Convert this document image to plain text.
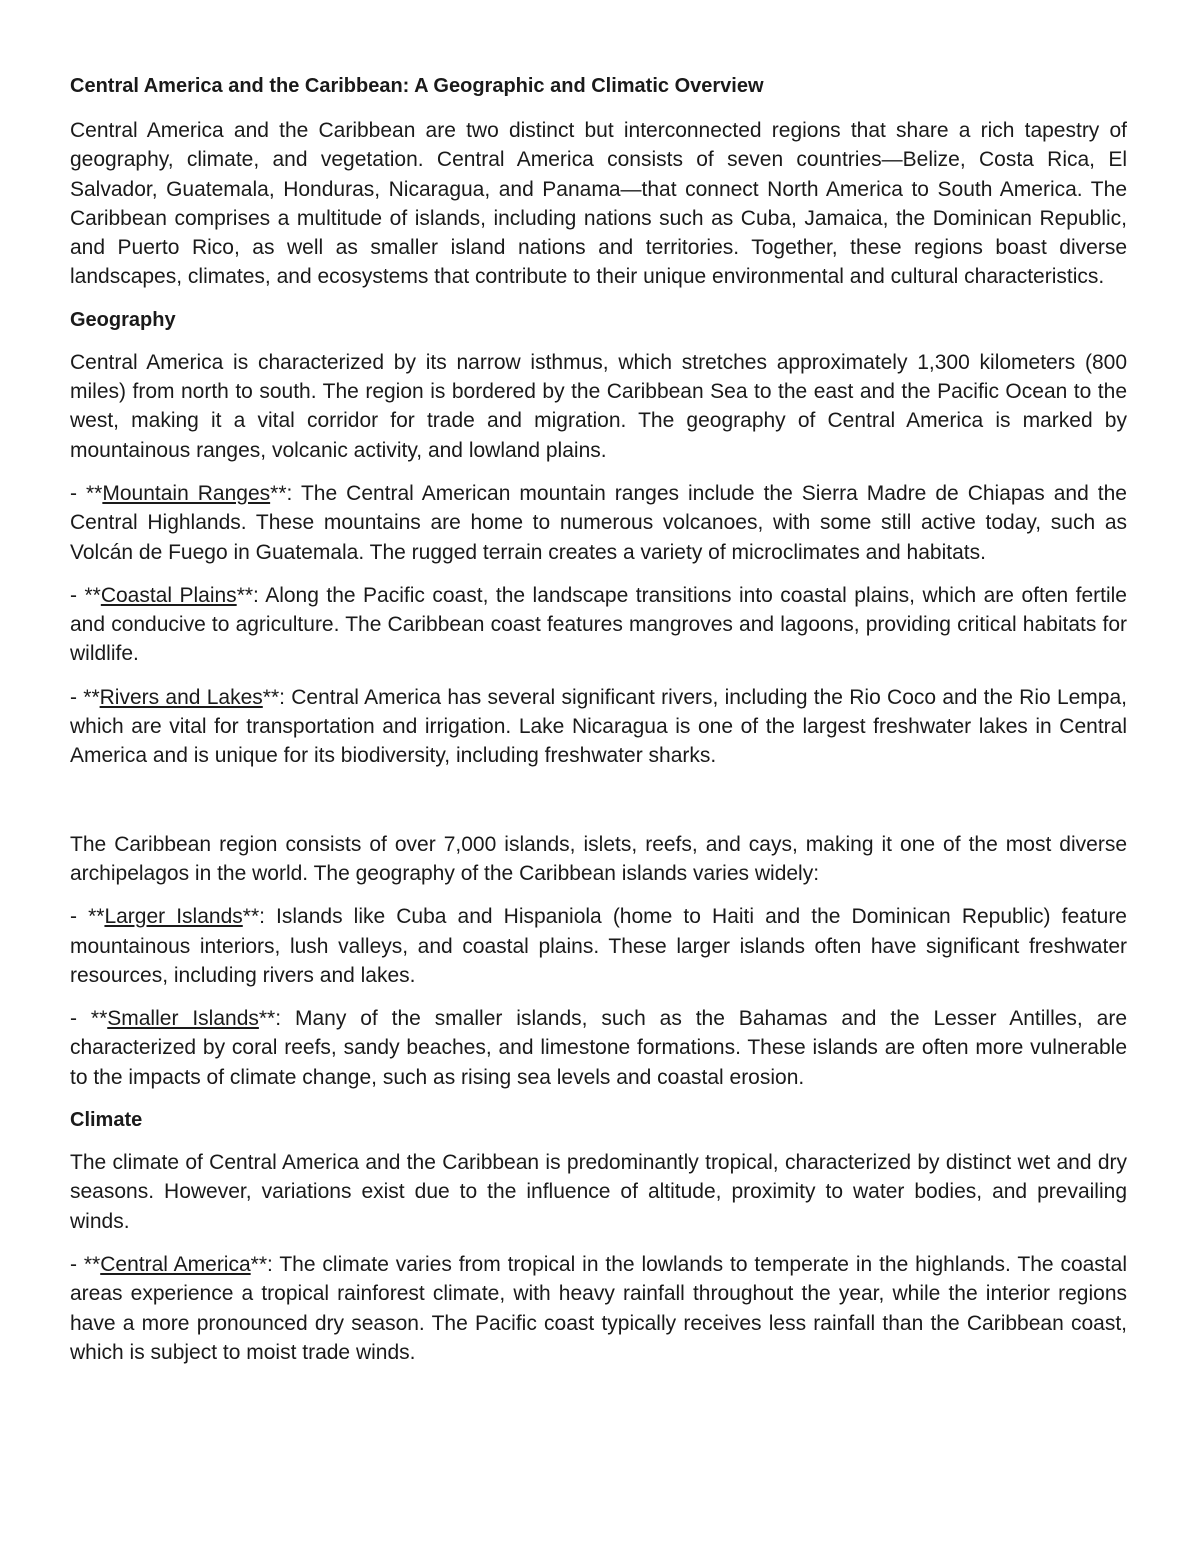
Central America and the Caribbean: A Geographic and Climatic Overview

Central America and the Caribbean are two distinct but interconnected regions that share a rich tapestry of geography, climate, and vegetation. Central America consists of seven countries—Belize, Costa Rica, El Salvador, Guatemala, Honduras, Nicaragua, and Panama—that connect North America to South America. The Caribbean comprises a multitude of islands, including nations such as Cuba, Jamaica, the Dominican Republic, and Puerto Rico, as well as smaller island nations and territories. Together, these regions boast diverse landscapes, climates, and ecosystems that contribute to their unique environmental and cultural characteristics.

Geography

Central America is characterized by its narrow isthmus, which stretches approximately 1,300 kilometers (800 miles) from north to south. The region is bordered by the Caribbean Sea to the east and the Pacific Ocean to the west, making it a vital corridor for trade and migration. The geography of Central America is marked by mountainous ranges, volcanic activity, and lowland plains.

- **Mountain Ranges**: The Central American mountain ranges include the Sierra Madre de Chiapas and the Central Highlands. These mountains are home to numerous volcanoes, with some still active today, such as Volcán de Fuego in Guatemala. The rugged terrain creates a variety of microclimates and habitats.

- **Coastal Plains**: Along the Pacific coast, the landscape transitions into coastal plains, which are often fertile and conducive to agriculture. The Caribbean coast features mangroves and lagoons, providing critical habitats for wildlife.

- **Rivers and Lakes**: Central America has several significant rivers, including the Rio Coco and the Rio Lempa, which are vital for transportation and irrigation. Lake Nicaragua is one of the largest freshwater lakes in Central America and is unique for its biodiversity, including freshwater sharks.

The Caribbean region consists of over 7,000 islands, islets, reefs, and cays, making it one of the most diverse archipelagos in the world. The geography of the Caribbean islands varies widely:

- **Larger Islands**: Islands like Cuba and Hispaniola (home to Haiti and the Dominican Republic) feature mountainous interiors, lush valleys, and coastal plains. These larger islands often have significant freshwater resources, including rivers and lakes.

- **Smaller Islands**: Many of the smaller islands, such as the Bahamas and the Lesser Antilles, are characterized by coral reefs, sandy beaches, and limestone formations. These islands are often more vulnerable to the impacts of climate change, such as rising sea levels and coastal erosion.

Climate

The climate of Central America and the Caribbean is predominantly tropical, characterized by distinct wet and dry seasons. However, variations exist due to the influence of altitude, proximity to water bodies, and prevailing winds.

- **Central America**: The climate varies from tropical in the lowlands to temperate in the highlands. The coastal areas experience a tropical rainforest climate, with heavy rainfall throughout the year, while the interior regions have a more pronounced dry season. The Pacific coast typically receives less rainfall than the Caribbean coast, which is subject to moist trade winds.
